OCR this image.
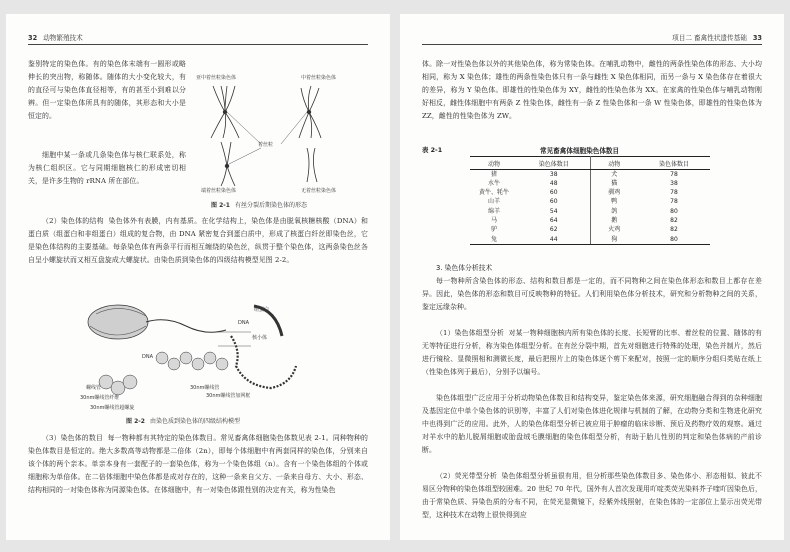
32 动物繁殖技术

鉴别特定的染色体。有的染色体末端有一圆形或略伸长的突出物，称随体。随体的大小变化较大，有的直径可与染色体直径相等，有的甚至小到难以分辨。但一定染色体所具有的随体，其形态和大小是恒定的。

细胞中某一条或几条染色体与核仁联系处，称为核仁组织区。它与同期细胞核仁的形成密切相关，是许多生物的 rRNA 所在部位。

亚中着丝粒染色体	中着丝粒染色体
着丝粒
端着丝粒染色体	无着丝粒染色体
图 2-1 有丝分裂后期染色体的形态

（2）染色体的结构 染色体外有表膜，内有基质。在化学结构上，染色体是由脱氧核糖核酸（DNA）和蛋白质（组蛋白和非组蛋白）组成的复合物，由 DNA 紧密复合到蛋白质中，形成了核蛋白纤丝即染色丝，它是染色体结构的主要基础。每条染色体有两条平行而相互缠绕的染色丝，纵贯于整个染色体，这两条染色丝各自呈小螺旋状而又相互盘旋成大螺旋状。由染色质到染色体的四级结构模型见图 2-2。

组蛋白
DNA
核小体
DNA
螺线管
30nm螺线管纤维
30nm螺线管超螺旋
30nm螺线管
30nm螺线管加网框
图 2-2 由染色质到染色体的四级结构模型

（3）染色体的数目 每一物种都有其特定的染色体数目。常见畜禽体细胞染色体数见表 2-1。同种物种的染色体数目是恒定的。绝大多数高等动物都是二倍体（2n），即每个体细胞中有两套同样的染色体，分别来自该个体的两个亲本。单亲本身有一套配子的一套染色体，称为一个染色体组（n）。含有一个染色体组的个体或细胞称为单倍体。在二倍体细胞中染色体都是成对存在的，这种一条来自父方、一条来自母方、大小、形态、结构相同的一对染色体称为同源染色体。在体细胞中，有一对染色体跟性别的决定有关，称为性染色

项目二 畜禽性状遗传基础 33

体。除一对性染色体以外的其他染色体，称为常染色体。在哺乳动物中，雌性的两条性染色体的形态、大小均相同，称为 X 染色体；雄性的两条性染色体只有一条与雌性 X 染色体相同，而另一条与 X 染色体存在着很大的差异，称为 Y 染色体。即雄性的性染色体为 XY，雌性的性染色体为 XX。在家禽的性染色体与哺乳动物刚好相反，雌性体细胞中有两条 Z 性染色体，雌性有一条 Z 性染色体和一条 W 性染色体，即雄性的性染色体为 ZZ，雌性的性染色体为 ZW。

表 2-1	常见畜禽体细胞染色体数目
动物	染色体数目	动物	染色体数目
猪	38	犬	78
水牛	48	猫	38
黄牛、牦牛	60	驯鸡	78
山羊	60	鸭	78
绵羊	54	鸽	80
马	64	鹅	82
驴	62	火鸡	82
兔	44	狗	80
3. 染色体分析技术

每一物种所含染色体的形态、结构和数目都是一定的，而不同物种之间在染色体形态和数目上都存在差异。因此，染色体的形态和数目可反映物种的特征。人们利用染色体分析技术，研究和分析物种之间的关系，鉴定远缘杂种。

（1）染色体组型分析 对某一物种细胞核内所有染色体的长度、长短臂的比率、着丝粒的位置、随体的有无等特征进行分析，称为染色体组型分析。在有丝分裂中期，首先对细胞进行特殊的处理，染色并制片，然后进行镜检、显微照相和测微长度，最后把照片上的染色体逐个剪下来配对，按照一定的顺序分组归类贴在纸上（性染色体列于最后），分别予以编号。

染色体组型广泛应用于分析动物染色体数目和结构变异，鉴定染色体来源，研究细胞融合得到的杂种细胞及基因定位中单个染色体的识别等，丰富了人们对染色体进化规律与机制的了解，在动物分类和生物进化研究中也得到广泛的应用。此外，人的染色体组型分析已被应用于肿瘤的临床诊断、预后及药物疗效的观察。通过对羊水中的胎儿脱屑细胞或胎盘绒毛膜细胞的染色体组型分析，有助于胎儿性别的判定和染色体病的产前诊断。

（2）荧光带型分析 染色体组型分析虽很有用，但分析那些染色体数目多、染色体小、形态相似、彼此不易区分物种的染色体组型较困难。20 世纪 70 年代，国外有人首次发现用吖啶类荧光染料芥子喹吖因染色后，由于常染色质、异染色质的分布不同，在荧光显微镜下，经紫外线照射，在染色体的一定部位上显示出荧光带型，这种技术在动物上很快得到应
